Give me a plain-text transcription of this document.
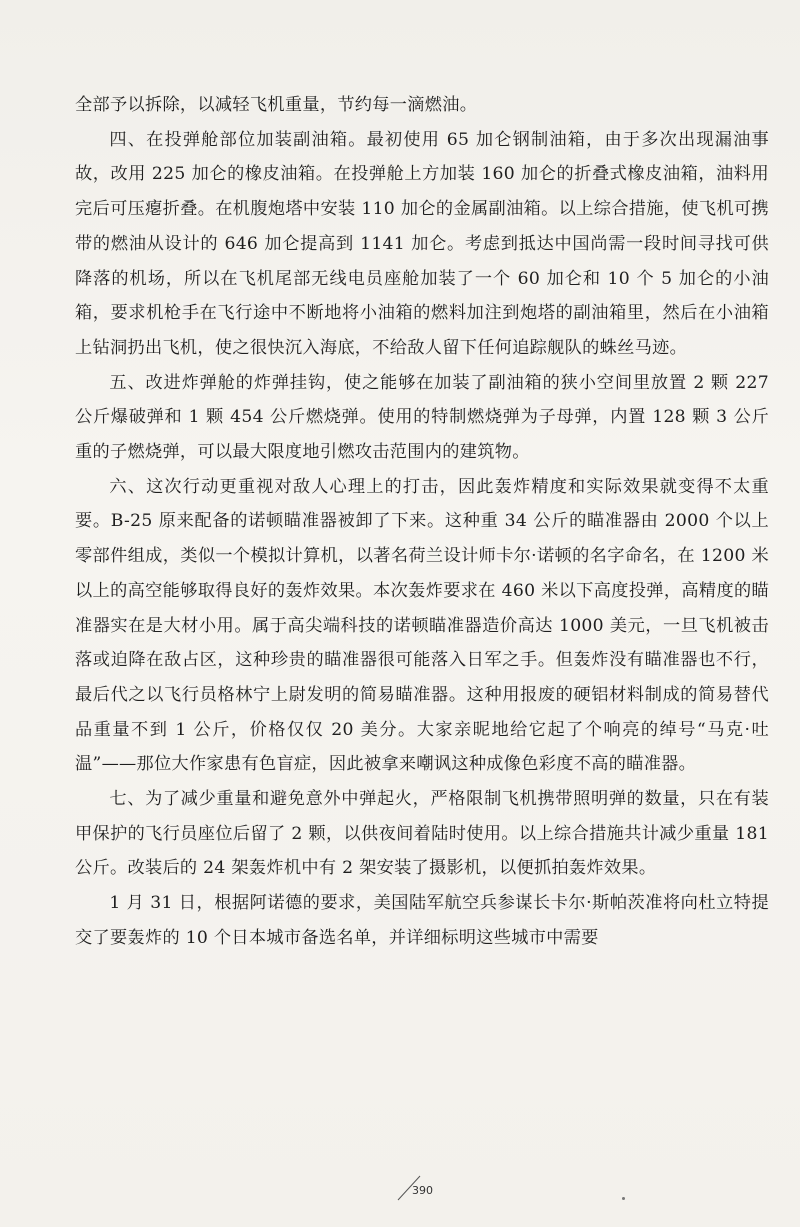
全部予以拆除，以减轻飞机重量，节约每一滴燃油。

四、在投弹舱部位加装副油箱。最初使用 65 加仑钢制油箱，由于多次出现漏油事故，改用 225 加仑的橡皮油箱。在投弹舱上方加装 160 加仑的折叠式橡皮油箱，油料用完后可压瘪折叠。在机腹炮塔中安装 110 加仑的金属副油箱。以上综合措施，使飞机可携带的燃油从设计的 646 加仑提高到 1141 加仑。考虑到抵达中国尚需一段时间寻找可供降落的机场，所以在飞机尾部无线电员座舱加装了一个 60 加仑和 10 个 5 加仑的小油箱，要求机枪手在飞行途中不断地将小油箱的燃料加注到炮塔的副油箱里，然后在小油箱上钻洞扔出飞机，使之很快沉入海底，不给敌人留下任何追踪舰队的蛛丝马迹。

五、改进炸弹舱的炸弹挂钩，使之能够在加装了副油箱的狭小空间里放置 2 颗 227 公斤爆破弹和 1 颗 454 公斤燃烧弹。使用的特制燃烧弹为子母弹，内置 128 颗 3 公斤重的子燃烧弹，可以最大限度地引燃攻击范围内的建筑物。

六、这次行动更重视对敌人心理上的打击，因此轰炸精度和实际效果就变得不太重要。B-25 原来配备的诺顿瞄准器被卸了下来。这种重 34 公斤的瞄准器由 2000 个以上零部件组成，类似一个模拟计算机，以著名荷兰设计师卡尔·诺顿的名字命名，在 1200 米以上的高空能够取得良好的轰炸效果。本次轰炸要求在 460 米以下高度投弹，高精度的瞄准器实在是大材小用。属于高尖端科技的诺顿瞄准器造价高达 1000 美元，一旦飞机被击落或迫降在敌占区，这种珍贵的瞄准器很可能落入日军之手。但轰炸没有瞄准器也不行，最后代之以飞行员格林宁上尉发明的简易瞄准器。这种用报废的硬铝材料制成的简易替代品重量不到 1 公斤，价格仅仅 20 美分。大家亲昵地给它起了个响亮的绰号“马克·吐温”——那位大作家患有色盲症，因此被拿来嘲讽这种成像色彩度不高的瞄准器。

七、为了减少重量和避免意外中弹起火，严格限制飞机携带照明弹的数量，只在有装甲保护的飞行员座位后留了 2 颗，以供夜间着陆时使用。以上综合措施共计减少重量 181 公斤。改装后的 24 架轰炸机中有 2 架安装了摄影机，以便抓拍轰炸效果。

1 月 31 日，根据阿诺德的要求，美国陆军航空兵参谋长卡尔·斯帕茨准将向杜立特提交了要轰炸的 10 个日本城市备选名单，并详细标明这些城市中需要

390
